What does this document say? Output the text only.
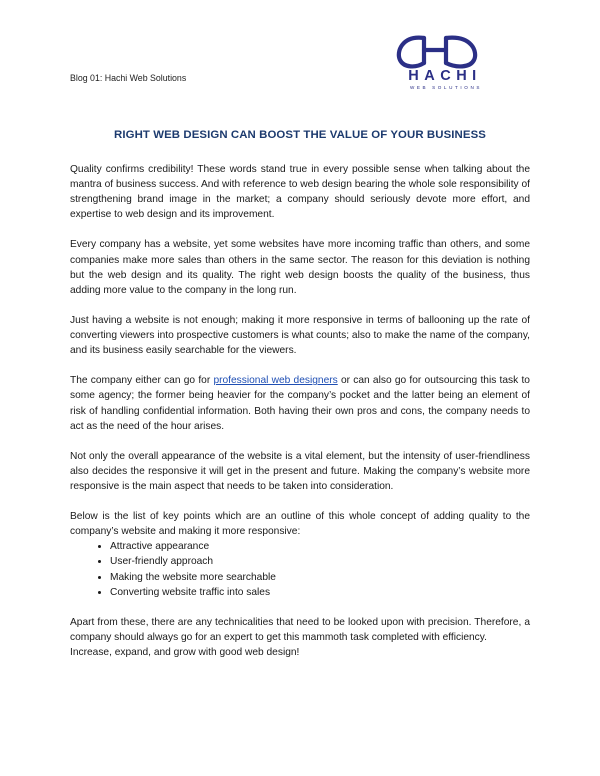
Blog 01: Hachi Web Solutions	HACHI
WEB SOLUTIONS
RIGHT WEB DESIGN CAN BOOST THE VALUE OF YOUR BUSINESS

Quality confirms credibility! These words stand true in every possible sense when talking about the mantra of business success. And with reference to web design bearing the whole sole responsibility of strengthening brand image in the market; a company should seriously devote more effort, and expertise to web design and its improvement.

Every company has a website, yet some websites have more incoming traffic than others, and some companies make more sales than others in the same sector. The reason for this deviation is nothing but the web design and its quality. The right web design boosts the quality of the business, thus adding more value to the company in the long run.

Just having a website is not enough; making it more responsive in terms of ballooning up the rate of converting viewers into prospective customers is what counts; also to make the name of the company, and its business easily searchable for the viewers.

The company either can go for professional web designers or can also go for outsourcing this task to some agency; the former being heavier for the company’s pocket and the latter being an element of risk of handling confidential information. Both having their own pros and cons, the company needs to act as the need of the hour arises.

Not only the overall appearance of the website is a vital element, but the intensity of user-friendliness also decides the responsive it will get in the present and future. Making the company’s website more responsive is the main aspect that needs to be taken into consideration.

Below is the list of key points which are an outline of this whole concept of adding quality to the company’s website and making it more responsive:

• Attractive appearance
• User-friendly approach
• Making the website more searchable
• Converting website traffic into sales

Apart from these, there are any technicalities that need to be looked upon with precision. Therefore, a company should always go for an expert to get this mammoth task completed with efficiency.

Increase, expand, and grow with good web design!
